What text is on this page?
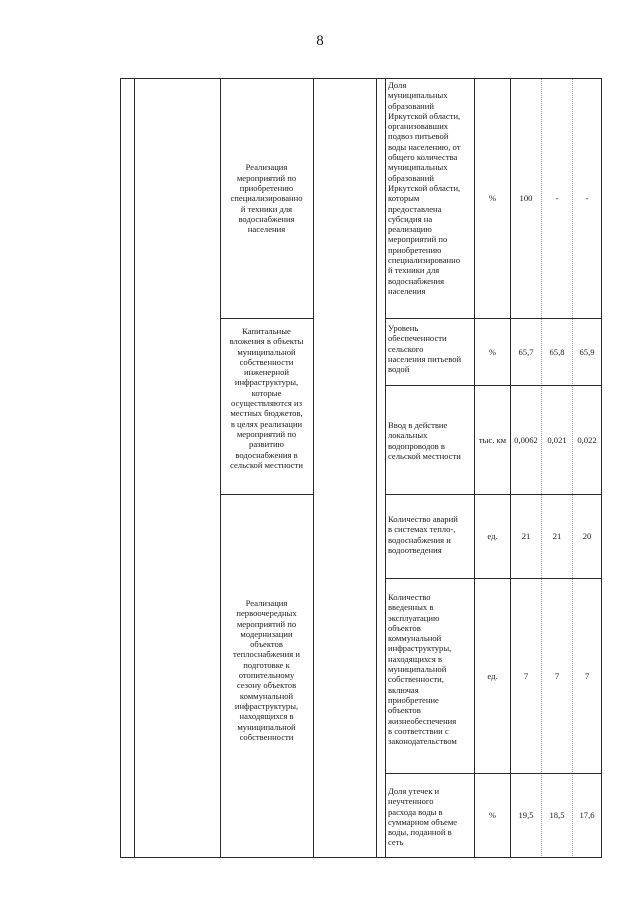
8
Реализация
мероприятий по
приобретению
специализированно
й техники для
водоснабжения
населения
Доля
муниципальных
образований
Иркутской области,
организовавших
подвоз питьевой
воды населению, от
общего количества
муниципальных
образований
Иркутской области,
которым
предоставлена
субсидия на
реализацию
мероприятий по
приобретению
специализированно
й техники для
водоснабжения
населения
%	100	-	-
Капитальные
вложения в объекты
муниципальной
собственности
инженерной
инфраструктуры,
которые
осуществляются из
местных бюджетов,
в целях реализации
мероприятий по
развитию
водоснабжения в
сельской местности
Уровень
обеспеченности
сельского
населения питьевой
водой
%	65,7	65,8	65,9
Ввод в действие
локальных
водопроводов в
сельской местности
тыс. км 0,0062	0,021	0,022
Реализация
первоочередных
мероприятий по
модернизации
объектов
теплоснабжения и
подготовке к
отопительному
сезону объектов
коммунальной
инфраструктуры,
находящихся в
муниципальной
собственности
Количество аварий
в системах тепло-,
водоснабжения и
водоотведения
ед.	21	21	20
Количество
введенных в
эксплуатацию
объектов
коммунальной
инфраструктуры,
находящихся в
муниципальной
собственности,
включая
приобретение
объектов
жизнеобеспечения
в соответствии с
законодательством
ед.	7	7	7
Доля утечек и
неучтенного
расхода воды в
суммарном объеме
воды, поданной в
сеть
%	19,5	18,5	17,6
